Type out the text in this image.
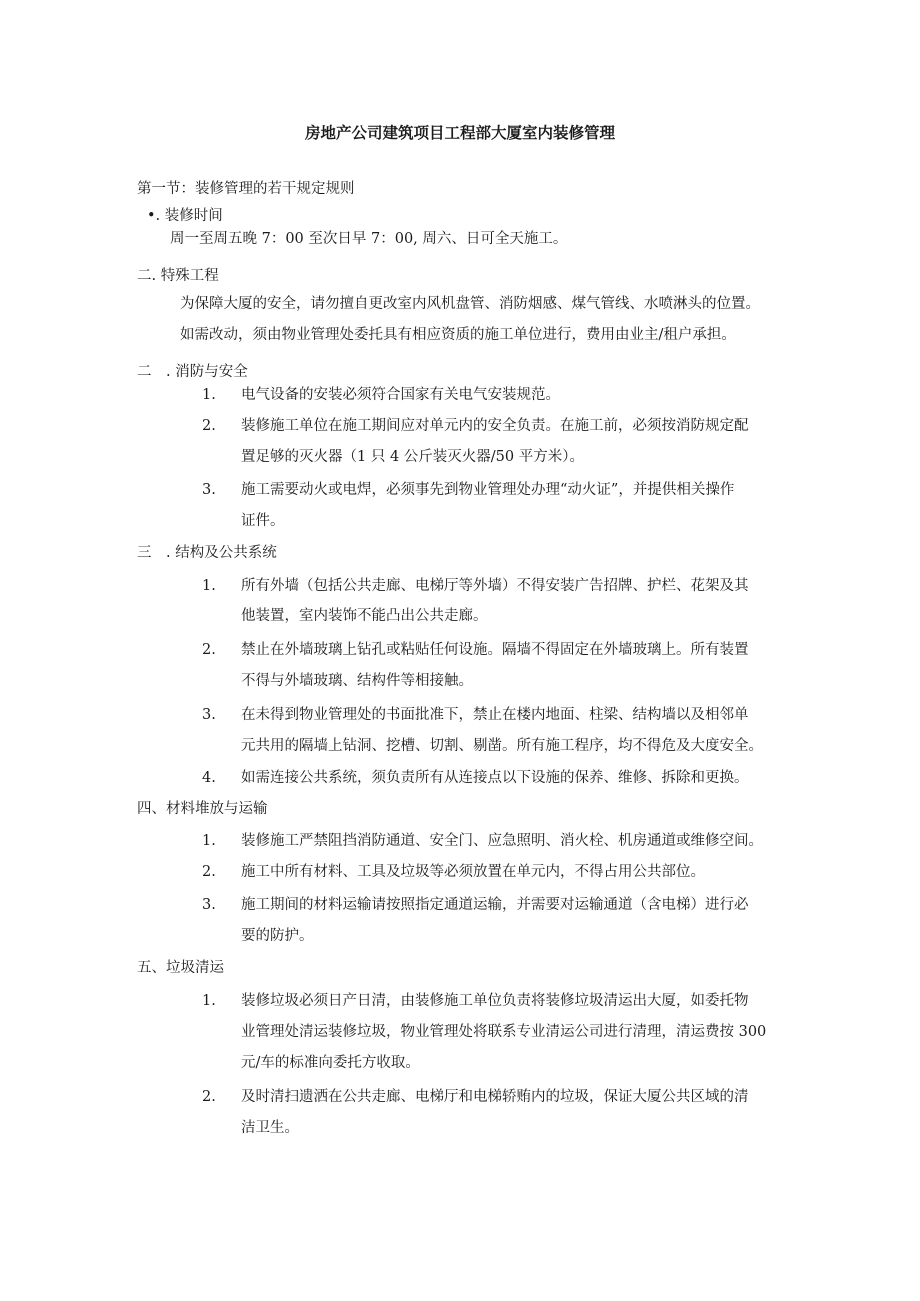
房地产公司建筑项目工程部大厦室内装修管理
第一节：装修管理的若干规定规则
•. 装修时间
周一至周五晚 7：00 至次日早 7：00, 周六、日可全天施工。
二. 特殊工程
为保障大厦的安全，请勿擅自更改室内风机盘管、消防烟感、煤气管线、水喷淋头的位置。
如需改动，须由物业管理处委托具有相应资质的施工单位进行，费用由业主/租户承担。
二　. 消防与安全
1.	电气设备的安装必须符合国家有关电气安装规范。
2.	装修施工单位在施工期间应对单元内的安全负责。在施工前，必须按消防规定配
置足够的灭火器（1 只 4 公斤装灭火器/50 平方米）。
3.	施工需要动火或电焊，必须事先到物业管理处办理“动火证”，并提供相关操作
证件。
三　. 结构及公共系统
1.	所有外墙（包括公共走廊、电梯厅等外墙）不得安装广告招牌、护栏、花架及其
他装置，室内装饰不能凸出公共走廊。
2.	禁止在外墙玻璃上钻孔或粘贴任何设施。隔墙不得固定在外墙玻璃上。所有装置
不得与外墙玻璃、结构件等相接触。
3.	在未得到物业管理处的书面批准下，禁止在楼内地面、柱梁、结构墙以及相邻单
元共用的隔墙上钻洞、挖槽、切割、剔凿。所有施工程序，均不得危及大度安全。
4.	如需连接公共系统，须负责所有从连接点以下设施的保养、维修、拆除和更换。
四、材料堆放与运输
1.	装修施工严禁阻挡消防通道、安全门、应急照明、消火栓、机房通道或维修空间。
2.	施工中所有材料、工具及垃圾等必须放置在单元内，不得占用公共部位。
3.	施工期间的材料运输请按照指定通道运输，并需要对运输通道（含电梯）进行必
要的防护。
五、垃圾清运
1.	装修垃圾必须日产日清，由装修施工单位负责将装修垃圾清运出大厦，如委托物
业管理处清运装修垃圾，物业管理处将联系专业清运公司进行清理，清运费按 300
元/车的标准向委托方收取。
2.	及时清扫遗洒在公共走廊、电梯厅和电梯轿贿内的垃圾，保证大厦公共区域的清
洁卫生。
